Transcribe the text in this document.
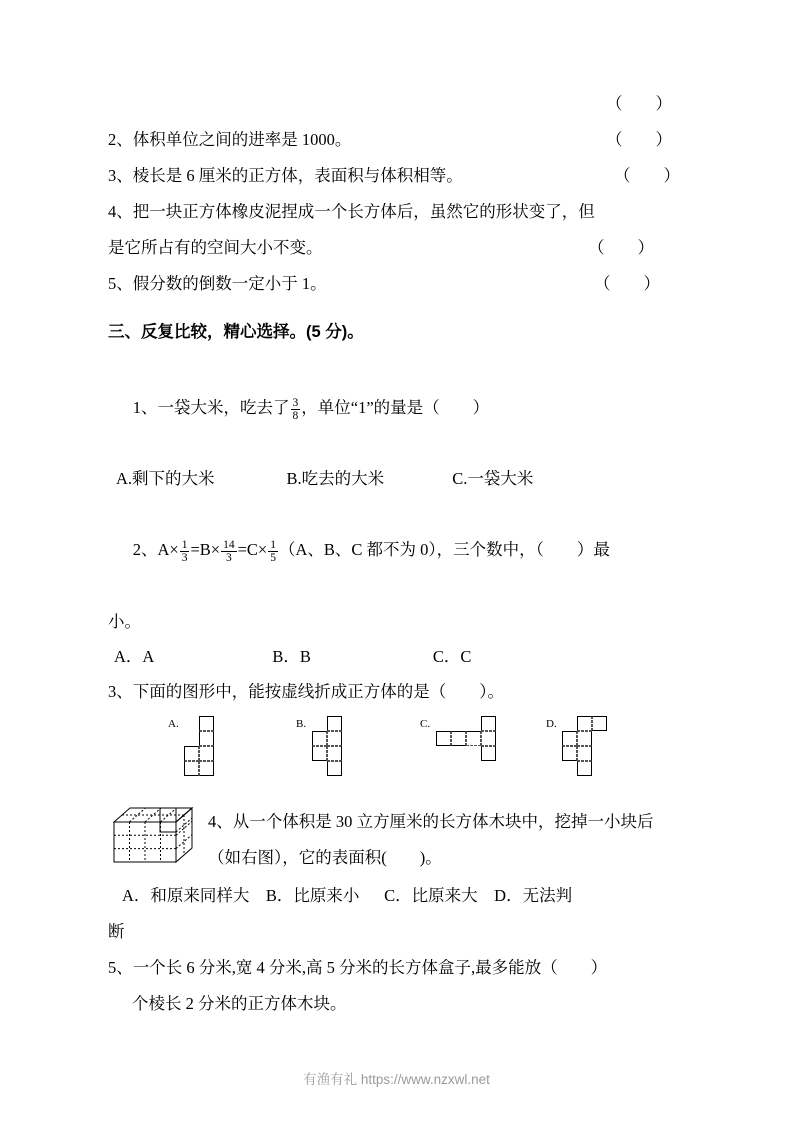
（        ）
2、体积单位之间的进率是 1000。	（        ）
3、棱长是 6 厘米的正方体，表面积与体积相等。	（        ）
4、把一块正方体橡皮泥捏成一个长方体后，虽然它的形状变了，但
是它所占有的空间大小不变。	（        ）
5、假分数的倒数一定小于 1。	（        ）
三、反复比较，精心选择。(5 分)。

1、一袋大米，吃去了 $\frac{3}{8}$ ，单位“1”的量是（        ）

A.剩下的大米	B.吃去的大米	C.一袋大米

2、$A\times \frac{1}{3} =B\times \frac{14}{3} =C\times \frac{1}{5} (A$、B、C 都不为 0），三个数中，（        ）最

小。
A．A	B．B	C．C
3、下面的图形中，能按虚线折成正方体的是（        ）。
A.	B.	C.	D.
4、从一个体积是 30 立方厘米的长方体木块中，挖掉一小块后
（如右图），它的表面积(        )。
A．和原来同样大    B．比原来小      C．比原来大    D．无法判
断
5、一个长 6 分米,宽 4 分米,高 5 分米的长方体盒子,最多能放（        ）
个棱长 2 分米的正方体木块。
有渔有礼 https://www.nzxwl.net
